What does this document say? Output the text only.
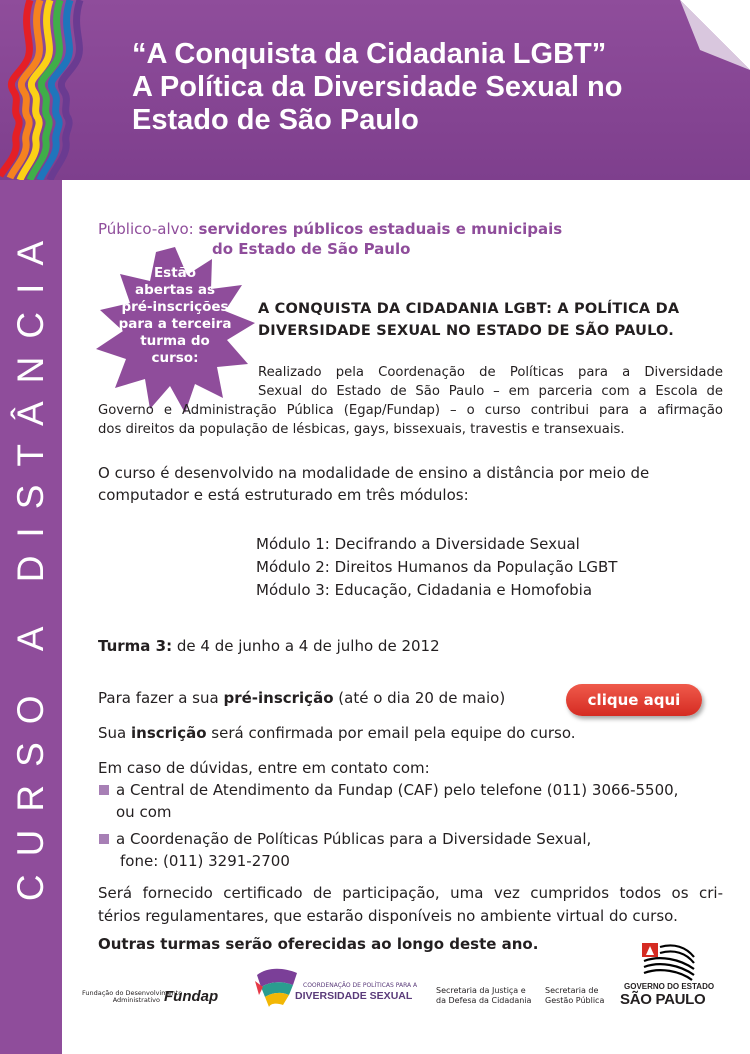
“A Conquista da Cidadania LGBT”
A Política da Diversidade Sexual no
Estado de São Paulo
CURSO A DISTÂNCIA	Público-alvo: servidores públicos estaduais e municipais
do Estado de São Paulo
Estão
abertas as
pré-inscrições
para a terceira
turma do
curso:
A CONQUISTA DA CIDADANIA LGBT: A POLÍTICA DA
DIVERSIDADE SEXUAL NO ESTADO DE SÃO PAULO.
Realizado pela Coordenação de Políticas para a Diversidade
Sexual do Estado de São Paulo – em parceria com a Escola de
Governo e Administração Pública (Egap/Fundap) – o curso contribui para a afirmação
dos direitos da população de lésbicas, gays, bissexuais, travestis e transexuais.
O curso é desenvolvido na modalidade de ensino a distância por meio de
computador e está estruturado em três módulos:
Módulo 1: Decifrando a Diversidade Sexual
Módulo 2: Direitos Humanos da População LGBT
Módulo 3: Educação, Cidadania e Homofobia
Turma 3: de 4 de junho a 4 de julho de 2012
Para fazer a sua pré-inscrição (até o dia 20 de maio)	clique aqui
Sua inscrição será confirmada por email pela equipe do curso.
Em caso de dúvidas, entre em contato com:
a Central de Atendimento da Fundap (CAF) pelo telefone (011) 3066-5500,
ou com
a Coordenação de Políticas Públicas para a Diversidade Sexual,
fone: (011) 3291-2700
Será fornecido certificado de participação, uma vez cumpridos todos os cri-
térios regulamentares, que estarão disponíveis no ambiente virtual do curso.
Outras turmas serão oferecidas ao longo deste ano.
Fundação do Desenvolvimento
Administrativo Fundap
COORDENAÇÃO DE POLÍTICAS PARA A
DIVERSIDADE SEXUAL	Secretaria da Justiça e
da Defesa da Cidadania
Secretaria de
Gestão Pública
GOVERNO DO ESTADO
SÃO PAULO
